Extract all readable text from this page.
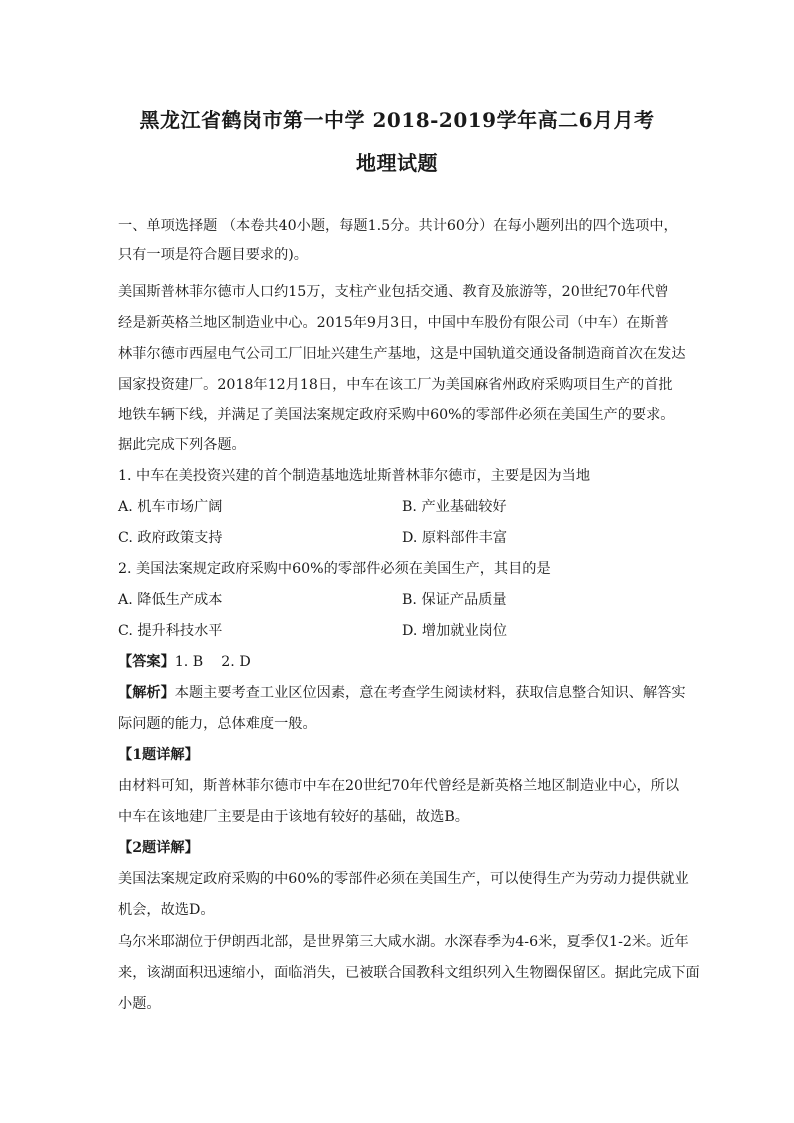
黑龙江省鹤岗市第一中学 2018-2019学年高二6月月考
地理试题
一、单项选择题 （本卷共40小题，每题1.5分。共计60分）在每小题列出的四个选项中，
只有一项是符合题目要求的)。
美国斯普林菲尔德市人口约15万，支柱产业包括交通、教育及旅游等，20世纪70年代曾
经是新英格兰地区制造业中心。2015年9月3日，中国中车股份有限公司（中车）在斯普
林菲尔德市西屋电气公司工厂旧址兴建生产基地，这是中国轨道交通设备制造商首次在发达
国家投资建厂。2018年12月18日，中车在该工厂为美国麻省州政府采购项目生产的首批
地铁车辆下线，并满足了美国法案规定政府采购中60%的零部件必须在美国生产的要求。
据此完成下列各题。
1. 中车在美投资兴建的首个制造基地选址斯普林菲尔德市，主要是因为当地
A. 机车市场广阔	B. 产业基础较好
C. 政府政策支持	D. 原料部件丰富
2. 美国法案规定政府采购中60%的零部件必须在美国生产，其目的是
A. 降低生产成本	B. 保证产品质量
C. 提升科技水平	D. 增加就业岗位
【答案】1. B    2. D
【解析】本题主要考查工业区位因素，意在考查学生阅读材料，获取信息整合知识、解答实
际问题的能力，总体难度一般。
【1题详解】
由材料可知，斯普林菲尔德市中车在20世纪70年代曾经是新英格兰地区制造业中心，所以
中车在该地建厂主要是由于该地有较好的基础，故选B。
【2题详解】
美国法案规定政府采购的中60%的零部件必须在美国生产，可以使得生产为劳动力提供就业
机会，故选D。
乌尔米耶湖位于伊朗西北部，是世界第三大咸水湖。水深春季为4-6米，夏季仅1-2米。近年
来，该湖面积迅速缩小，面临消失，已被联合国教科文组织列入生物圈保留区。据此完成下面
小题。
